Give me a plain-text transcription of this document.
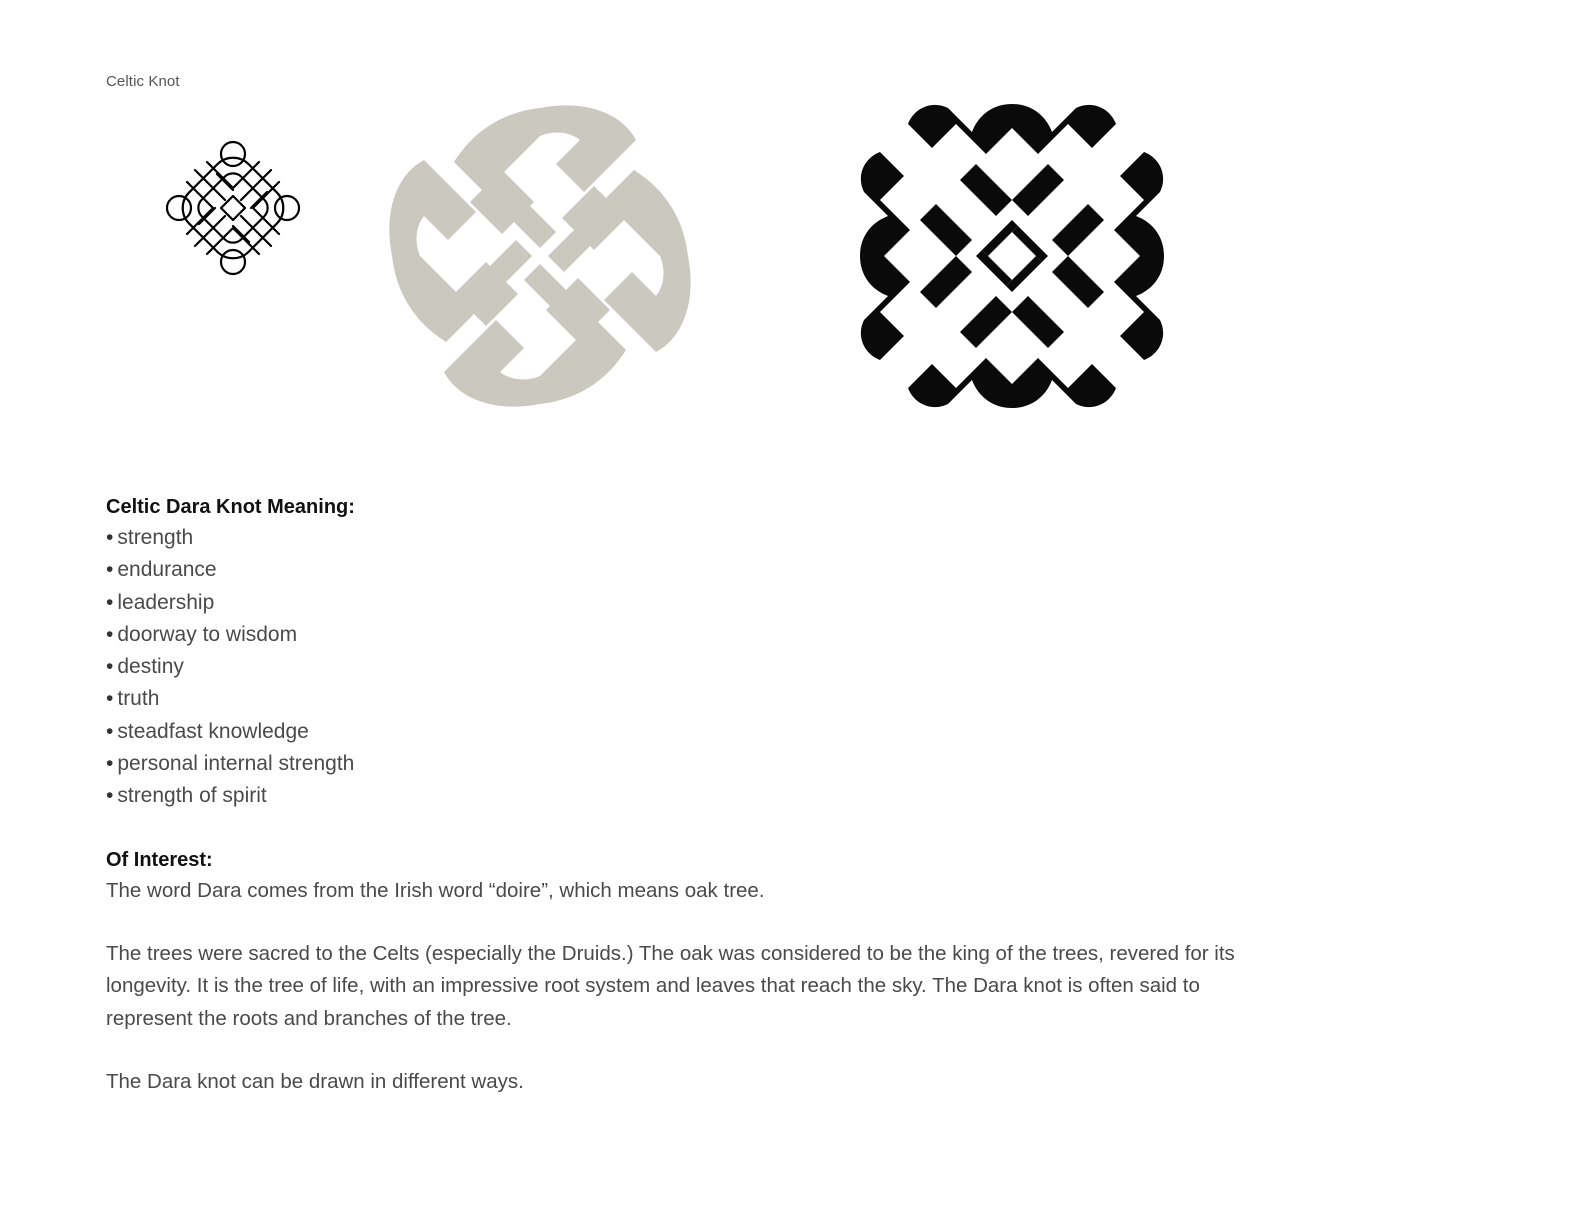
Celtic Knot
Celtic Dara Knot Meaning:
• strength
• endurance
• leadership
• doorway to wisdom
• destiny
• truth
• steadfast knowledge
• personal internal strength
• strength of spirit
Of Interest:

The word Dara comes from the Irish word “doire”, which means oak tree.

The trees were sacred to the Celts (especially the Druids.) The oak was considered to be the king of the trees, revered for its longevity. It is the tree of life, with an impressive root system and leaves that reach the sky. The Dara knot is often said to represent the roots and branches of the tree.

The Dara knot can be drawn in different ways.
